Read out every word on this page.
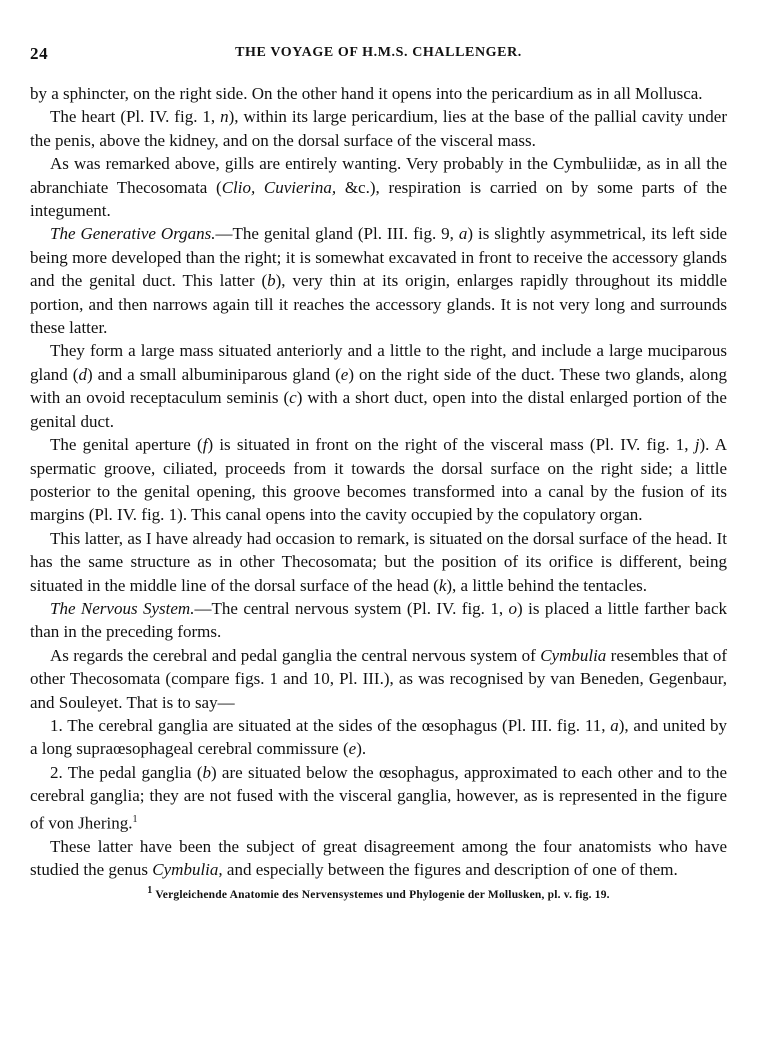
24	THE VOYAGE OF H.M.S. CHALLENGER.

by a sphincter, on the right side. On the other hand it opens into the pericardium as in all Mollusca.

The heart (Pl. IV. fig. 1, n), within its large pericardium, lies at the base of the pallial cavity under the penis, above the kidney, and on the dorsal surface of the visceral mass.

As was remarked above, gills are entirely wanting. Very probably in the Cymbuliidæ, as in all the abranchiate Thecosomata (Clio, Cuvierina, &c.), respiration is carried on by some parts of the integument.

The Generative Organs.—The genital gland (Pl. III. fig. 9, a) is slightly asymmetrical, its left side being more developed than the right; it is somewhat excavated in front to receive the accessory glands and the genital duct. This latter (b), very thin at its origin, enlarges rapidly throughout its middle portion, and then narrows again till it reaches the accessory glands. It is not very long and surrounds these latter.

They form a large mass situated anteriorly and a little to the right, and include a large muciparous gland (d) and a small albuminiparous gland (e) on the right side of the duct. These two glands, along with an ovoid receptaculum seminis (c) with a short duct, open into the distal enlarged portion of the genital duct.

The genital aperture (f) is situated in front on the right of the visceral mass (Pl. IV. fig. 1, j). A spermatic groove, ciliated, proceeds from it towards the dorsal surface on the right side; a little posterior to the genital opening, this groove becomes transformed into a canal by the fusion of its margins (Pl. IV. fig. 1). This canal opens into the cavity occupied by the copulatory organ.

This latter, as I have already had occasion to remark, is situated on the dorsal surface of the head. It has the same structure as in other Thecosomata; but the position of its orifice is different, being situated in the middle line of the dorsal surface of the head (k), a little behind the tentacles.

The Nervous System.—The central nervous system (Pl. IV. fig. 1, o) is placed a little farther back than in the preceding forms.

As regards the cerebral and pedal ganglia the central nervous system of Cymbulia resembles that of other Thecosomata (compare figs. 1 and 10, Pl. III.), as was recognised by van Beneden, Gegenbaur, and Souleyet. That is to say—

1. The cerebral ganglia are situated at the sides of the œsophagus (Pl. III. fig. 11, a), and united by a long supraœsophageal cerebral commissure (e).

2. The pedal ganglia (b) are situated below the œsophagus, approximated to each other and to the cerebral ganglia; they are not fused with the visceral ganglia, however, as is represented in the figure of von Jhering.$^1$

These latter have been the subject of great disagreement among the four anatomists who have studied the genus Cymbulia, and especially between the figures and description of one of them.

$^1$ Vergleichende Anatomie des Nervensystemes und Phylogenie der Mollusken, pl. v. fig. 19.
